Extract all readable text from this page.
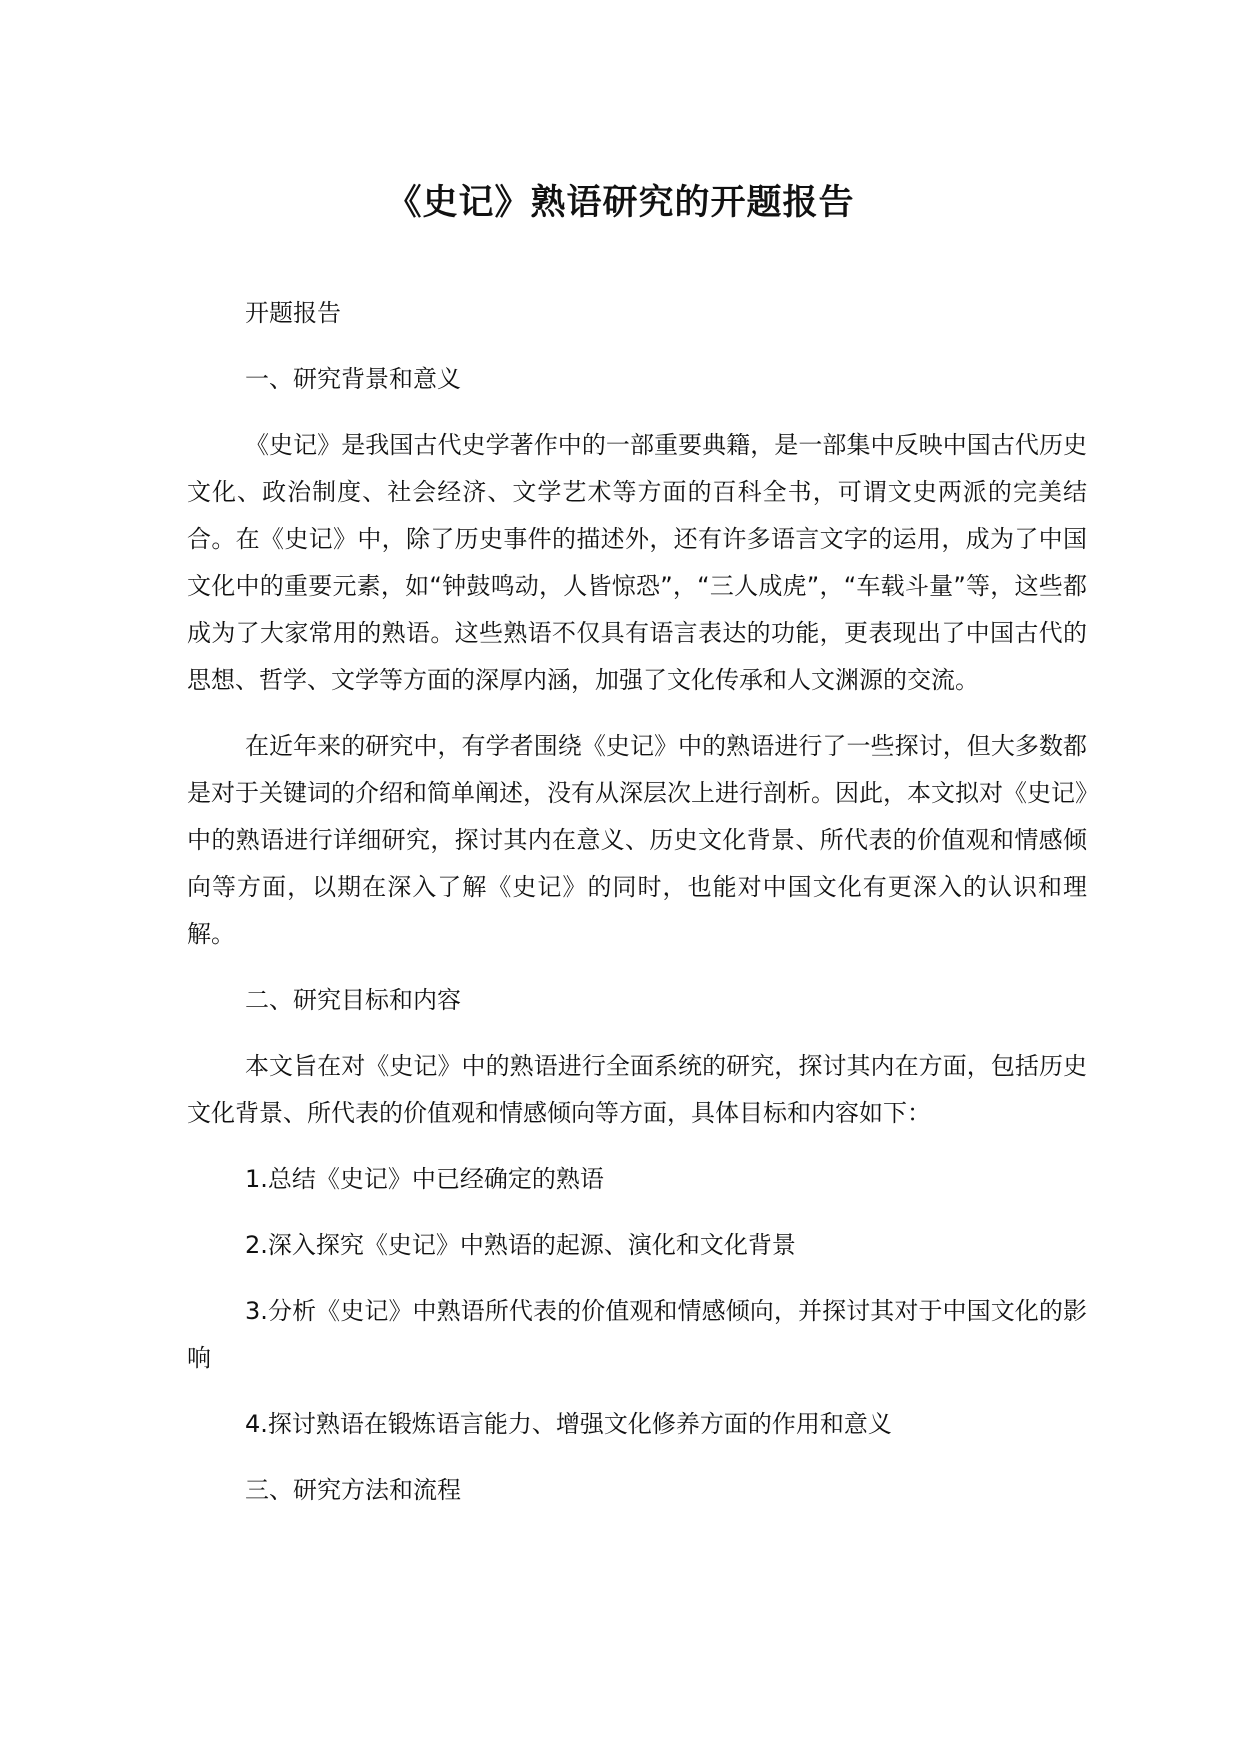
《史记》熟语研究的开题报告

开题报告

一、研究背景和意义

《史记》是我国古代史学著作中的一部重要典籍，是一部集中反映中国古代历史文化、政治制度、社会经济、文学艺术等方面的百科全书，可谓文史两派的完美结合。在《史记》中，除了历史事件的描述外，还有许多语言文字的运用，成为了中国文化中的重要元素，如“钟鼓鸣动，人皆惊恐”，“三人成虎”，“车载斗量”等，这些都成为了大家常用的熟语。这些熟语不仅具有语言表达的功能，更表现出了中国古代的思想、哲学、文学等方面的深厚内涵，加强了文化传承和人文渊源的交流。

在近年来的研究中，有学者围绕《史记》中的熟语进行了一些探讨，但大多数都是对于关键词的介绍和简单阐述，没有从深层次上进行剖析。因此，本文拟对《史记》中的熟语进行详细研究，探讨其内在意义、历史文化背景、所代表的价值观和情感倾向等方面，以期在深入了解《史记》的同时，也能对中国文化有更深入的认识和理解。

二、研究目标和内容

本文旨在对《史记》中的熟语进行全面系统的研究，探讨其内在方面，包括历史文化背景、所代表的价值观和情感倾向等方面，具体目标和内容如下：

1.总结《史记》中已经确定的熟语

2.深入探究《史记》中熟语的起源、演化和文化背景

3.分析《史记》中熟语所代表的价值观和情感倾向，并探讨其对于中国文化的影响

4.探讨熟语在锻炼语言能力、增强文化修养方面的作用和意义

三、研究方法和流程
